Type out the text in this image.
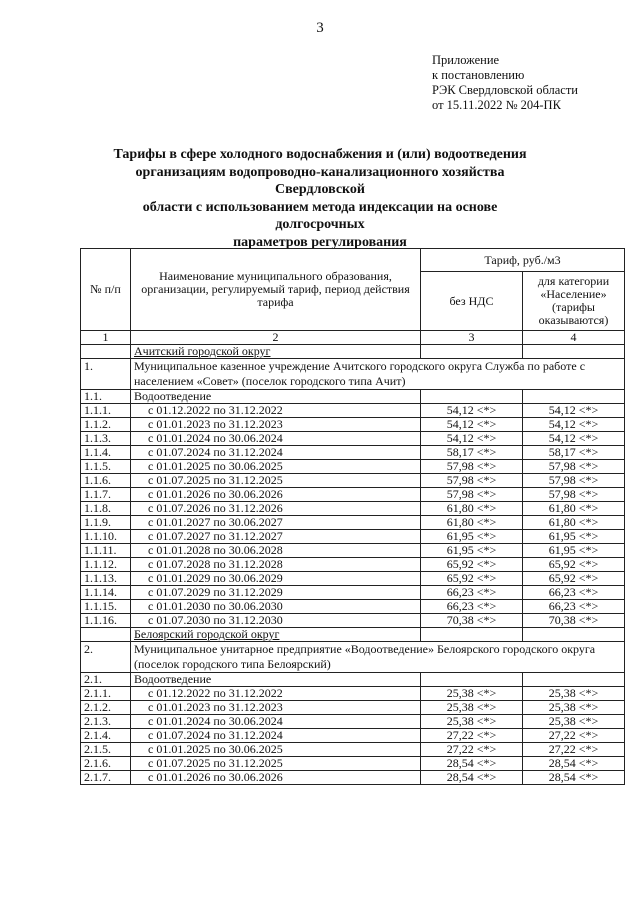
3
Приложение
к постановлению
РЭК Свердловской области
от 15.11.2022 № 204-ПК
Тарифы в сфере холодного водоснабжения и (или) водоотведения
организациям водопроводно-канализационного хозяйства Свердловской
области с использованием метода индексации на основе долгосрочных
параметров регулирования
№ п/п	Наименование муниципального образования, организации, регулируемый тариф, период действия тарифа	Тариф, руб./м3	
		без НДС	для категории «Население» (тарифы оказываются)
1	2	3	4
	Ачитский городской округ		
1.	Муниципальное казенное учреждение Ачитского городского округа Служба по работе с населением «Совет» (поселок городского типа Ачит)		
1.1.	Водоотведение		
1.1.1.	с 01.12.2022 по 31.12.2022	54,12 <*>	54,12 <*>
1.1.2.	с 01.01.2023 по 31.12.2023	54,12 <*>	54,12 <*>
1.1.3.	с 01.01.2024 по 30.06.2024	54,12 <*>	54,12 <*>
1.1.4.	с 01.07.2024 по 31.12.2024	58,17 <*>	58,17 <*>
1.1.5.	с 01.01.2025 по 30.06.2025	57,98 <*>	57,98 <*>
1.1.6.	с 01.07.2025 по 31.12.2025	57,98 <*>	57,98 <*>
1.1.7.	с 01.01.2026 по 30.06.2026	57,98 <*>	57,98 <*>
1.1.8.	с 01.07.2026 по 31.12.2026	61,80 <*>	61,80 <*>
1.1.9.	с 01.01.2027 по 30.06.2027	61,80 <*>	61,80 <*>
1.1.10.	с 01.07.2027 по 31.12.2027	61,95 <*>	61,95 <*>
1.1.11.	с 01.01.2028 по 30.06.2028	61,95 <*>	61,95 <*>
1.1.12.	с 01.07.2028 по 31.12.2028	65,92 <*>	65,92 <*>
1.1.13.	с 01.01.2029 по 30.06.2029	65,92 <*>	65,92 <*>
1.1.14.	с 01.07.2029 по 31.12.2029	66,23 <*>	66,23 <*>
1.1.15.	с 01.01.2030 по 30.06.2030	66,23 <*>	66,23 <*>
1.1.16.	с 01.07.2030 по 31.12.2030	70,38 <*>	70,38 <*>
	Белоярский городской округ		
2.	Муниципальное унитарное предприятие «Водоотведение» Белоярского городского округа (поселок городского типа Белоярский)		
2.1.	Водоотведение		
2.1.1.	с 01.12.2022 по 31.12.2022	25,38 <*>	25,38 <*>
2.1.2.	с 01.01.2023 по 31.12.2023	25,38 <*>	25,38 <*>
2.1.3.	с 01.01.2024 по 30.06.2024	25,38 <*>	25,38 <*>
2.1.4.	с 01.07.2024 по 31.12.2024	27,22 <*>	27,22 <*>
2.1.5.	с 01.01.2025 по 30.06.2025	27,22 <*>	27,22 <*>
2.1.6.	с 01.07.2025 по 31.12.2025	28,54 <*>	28,54 <*>
2.1.7.	с 01.01.2026 по 30.06.2026	28,54 <*>	28,54 <*>
